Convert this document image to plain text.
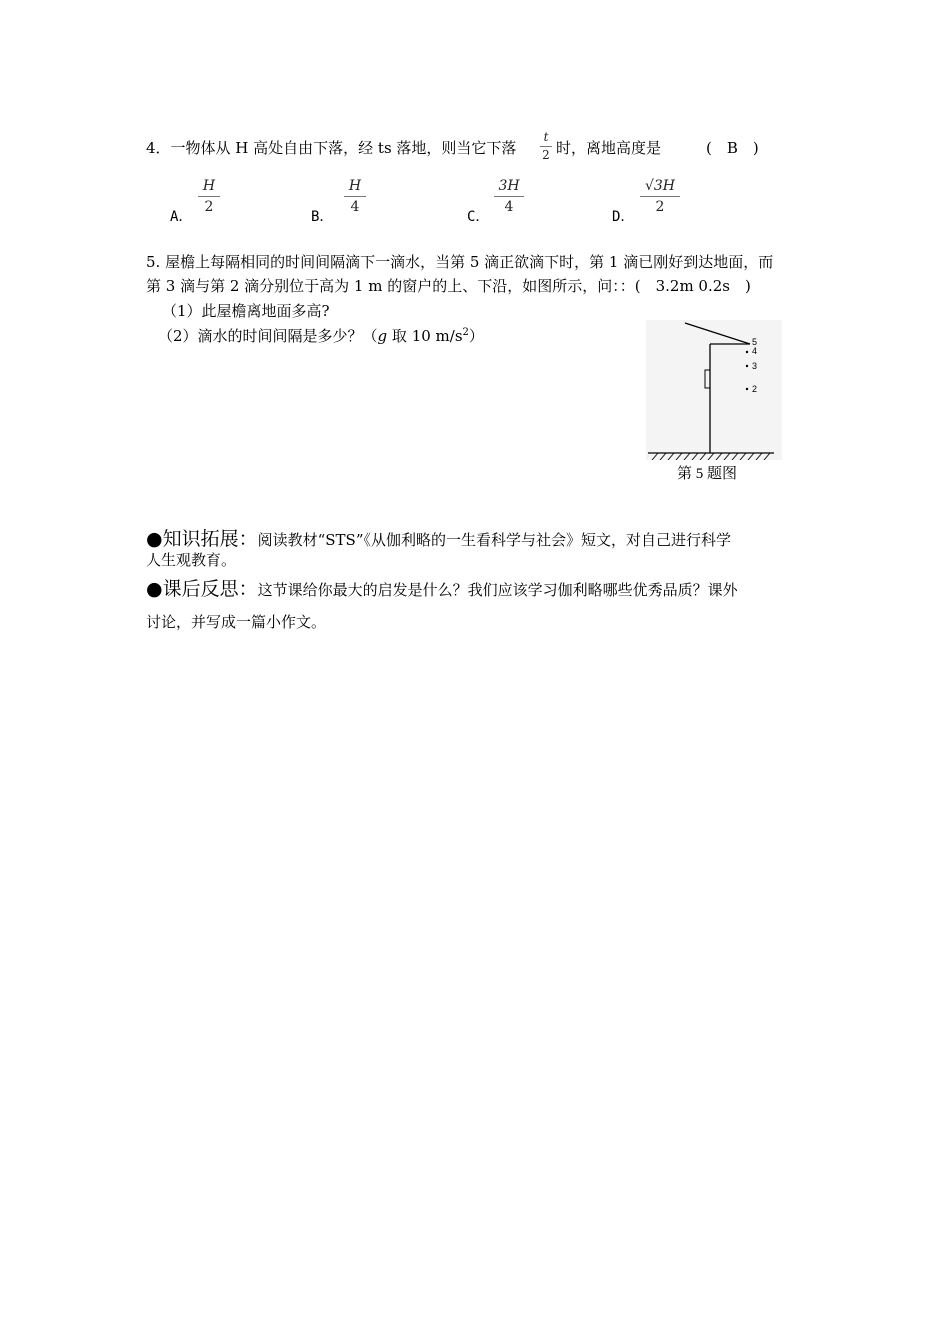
4．一物体从 H 高处自由下落，经 ts 落地，则当它下落
t
2 时，离地高度是	(　B　)
A．
H
2
B．
H
4
C．
3H
4
D．
√3H
2
5. 屋檐上每隔相同的时间间隔滴下一滴水，当第 5 滴正欲滴下时，第 1 滴已刚好到达地面，而
第 3 滴与第 2 滴分别位于高为 1 m 的窗户的上、下沿，如图所示，问：：(　3.2m 0.2s　)
（1）此屋檐离地面多高?
（2）滴水的时间间隔是多少？（g 取 10 $m/s^2$）	5
4
3
2
第 5 题图
●知识拓展：阅读教材“STS”《从伽利略的一生看科学与社会》短文，对自己进行科学
人生观教育。
●课后反思：这节课给你最大的启发是什么？我们应该学习伽利略哪些优秀品质？课外
讨论，并写成一篇小作文。
